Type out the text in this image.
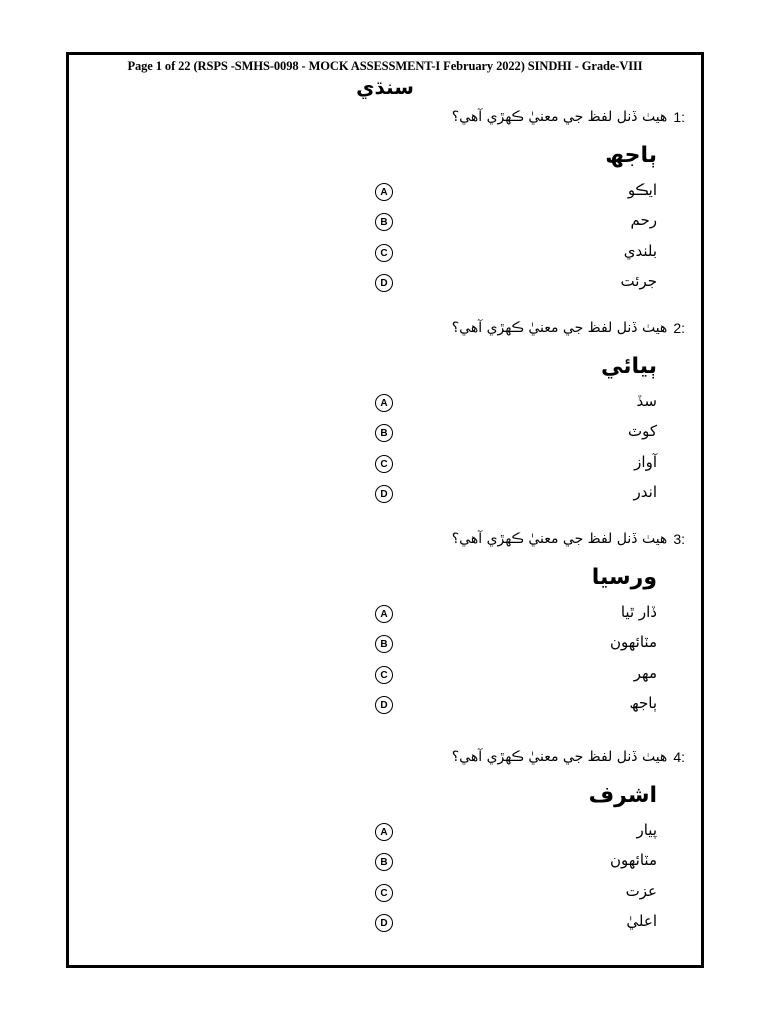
Page 1 of 22 (RSPS -SMHS-0098 - MOCK ASSESSMENT-I February 2022) SINDHI - Grade-VIII
سنڌي
هيٺ ڏنل لفظ جي معنيٰ ڪهڙي آهي؟ 1:
ٻاجھ
A	ايڪو
B	رحم
C	بلندي
D	جرئت
هيٺ ڏنل لفظ جي معنيٰ ڪهڙي آهي؟ 2:
ٻيائي
A	سڏ
B	کوٽ
C	آواز
D	اندر
هيٺ ڏنل لفظ جي معنيٰ ڪهڙي آهي؟ 3:
ورسيا
A	ڏار ٿيا
B	مٽائهون
C	مهر
D	ٻاجھ
هيٺ ڏنل لفظ جي معنيٰ ڪهڙي آهي؟ 4:
اشرف
A	پيار
B	مٽائهون
C	عزت
D	اعليٰ
